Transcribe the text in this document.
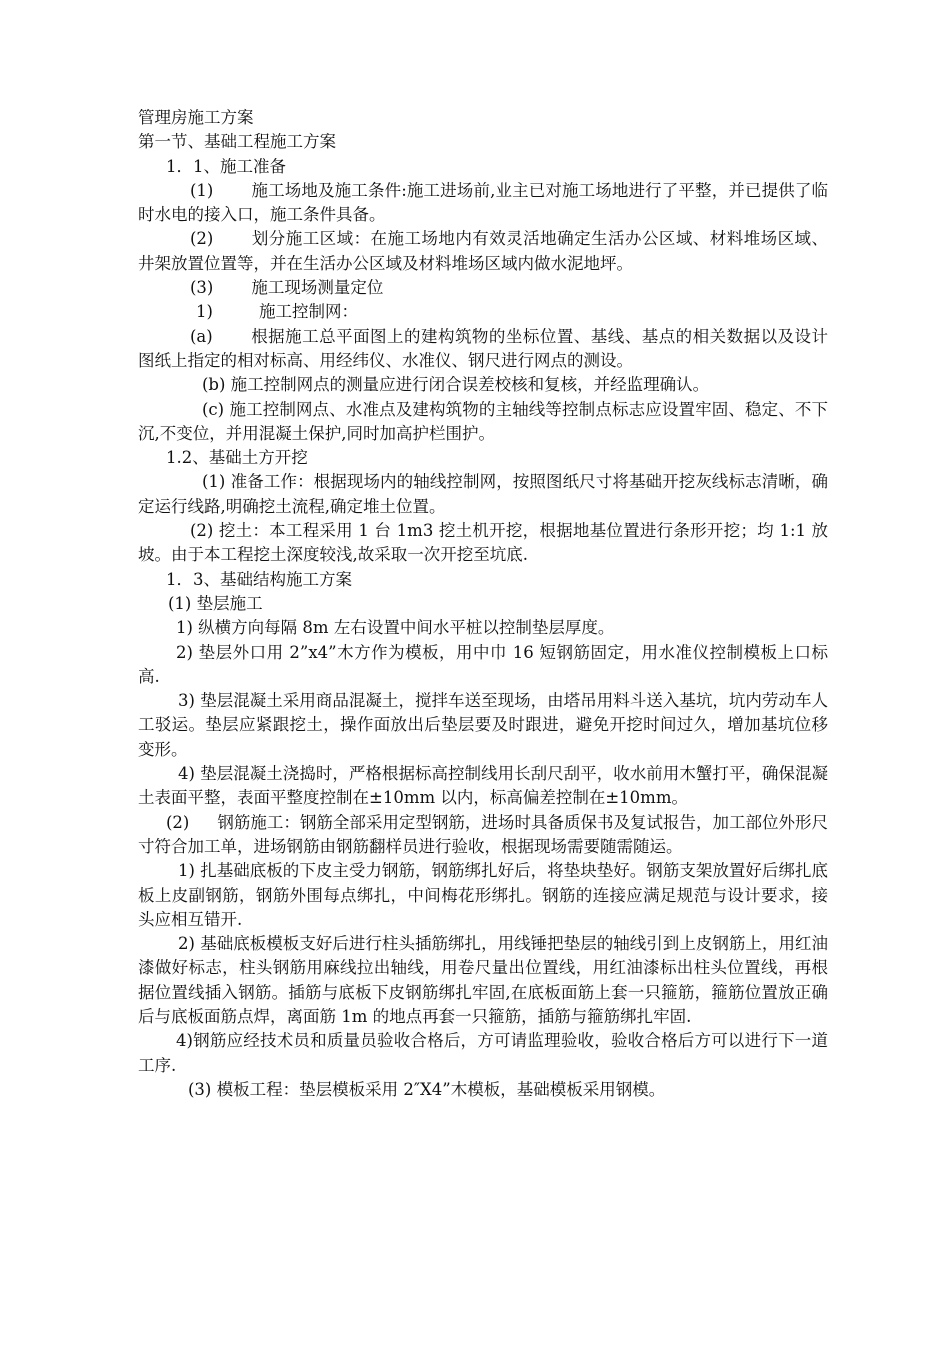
管理房施工方案

第一节、基础工程施工方案

1．1、施工准备

(1) 施工场地及施工条件:施工进场前,业主已对施工场地进行了平整，并已提供了临时水电的接入口，施工条件具备。

(2) 划分施工区域：在施工场地内有效灵活地确定生活办公区域、材料堆场区域、井架放置位置等，并在生活办公区域及材料堆场区域内做水泥地坪。

(3) 施工现场测量定位

1)	施工控制网：

(a) 根据施工总平面图上的建构筑物的坐标位置、基线、基点的相关数据以及设计图纸上指定的相对标高、用经纬仪、水准仪、钢尺进行网点的测设。

(b) 施工控制网点的测量应进行闭合误差校核和复核，并经监理确认。

(c) 施工控制网点、水准点及建构筑物的主轴线等控制点标志应设置牢固、稳定、不下沉,不变位，并用混凝土保护,同时加高护栏围护。

1.2、基础土方开挖

(1) 准备工作：根据现场内的轴线控制网，按照图纸尺寸将基础开挖灰线标志清晰，确定运行线路,明确挖土流程,确定堆土位置。

(2) 挖土：本工程采用 1 台 1m3 挖土机开挖，根据地基位置进行条形开挖；均 1:1 放坡。由于本工程挖土深度较浅,故采取一次开挖至坑底.

1．3、基础结构施工方案

(1) 垫层施工

1) 纵横方向每隔 8m 左右设置中间水平桩以控制垫层厚度。

2) 垫层外口用 2”x4”木方作为模板，用中巾 16 短钢筋固定，用水准仪控制模板上口标高.

3) 垫层混凝土采用商品混凝土，搅拌车送至现场，由塔吊用料斗送入基坑，坑内劳动车人工驳运。垫层应紧跟挖土，操作面放出后垫层要及时跟进，避免开挖时间过久，增加基坑位移变形。

4) 垫层混凝土浇捣时，严格根据标高控制线用长刮尺刮平，收水前用木蟹打平，确保混凝土表面平整，表面平整度控制在±10mm 以内，标高偏差控制在±10mm。

(2) 钢筋施工：钢筋全部采用定型钢筋，进场时具备质保书及复试报告，加工部位外形尺寸符合加工单，进场钢筋由钢筋翻样员进行验收，根据现场需要随需随运。

1) 扎基础底板的下皮主受力钢筋，钢筋绑扎好后，将垫块垫好。钢筋支架放置好后绑扎底板上皮副钢筋，钢筋外围每点绑扎，中间梅花形绑扎。钢筋的连接应满足规范与设计要求，接头应相互错开.

2) 基础底板模板支好后进行柱头插筋绑扎，用线锤把垫层的轴线引到上皮钢筋上，用红油漆做好标志，柱头钢筋用麻线拉出轴线，用卷尺量出位置线，用红油漆标出柱头位置线，再根据位置线插入钢筋。插筋与底板下皮钢筋绑扎牢固,在底板面筋上套一只箍筋，箍筋位置放正确后与底板面筋点焊，离面筋 1m 的地点再套一只箍筋，插筋与箍筋绑扎牢固.

4)钢筋应经技术员和质量员验收合格后，方可请监理验收，验收合格后方可以进行下一道工序.

(3) 模板工程：垫层模板采用 2″X4”木模板，基础模板采用钢模。
